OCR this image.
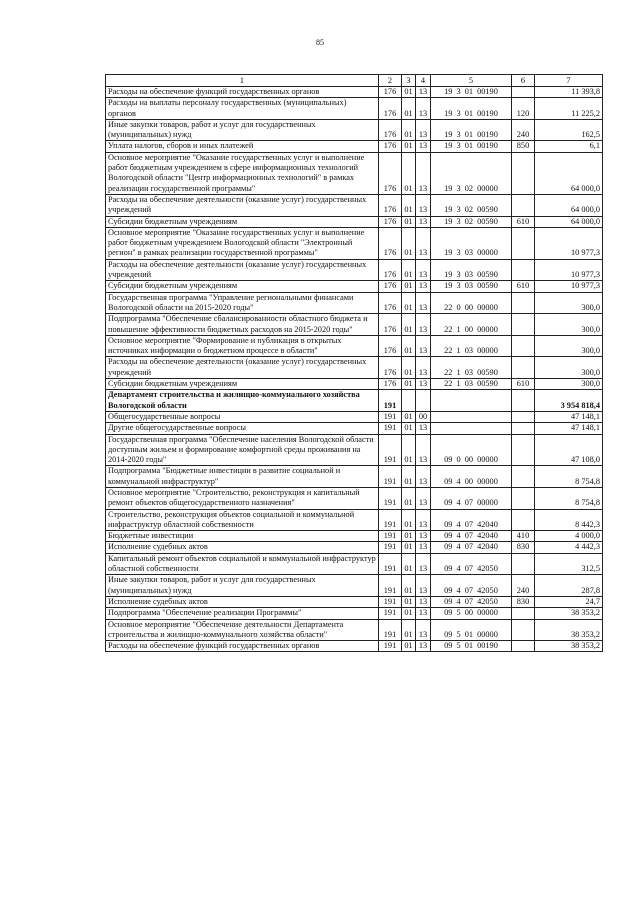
85
1	2	3	4	5	6	7
Расходы на обеспечение функций государственных органов	176	01	13	19 3 01 00190		11 393,8
Расходы на выплаты персоналу государственных (муниципальных) органов	176	01	13	19 3 01 00190	120	11 225,2
Иные закупки товаров, работ и услуг для государственных (муниципальных) нужд	176	01	13	19 3 01 00190	240	162,5
Уплата налогов, сборов и иных платежей	176	01	13	19 3 01 00190	850	6,1
Основное мероприятие "Оказание государственных услуг и выполнение работ бюджетным учреждением в сфере информационных технологий Вологодской области "Центр информационных технологий" в рамках реализации государственной программы"	176	01	13	19 3 02 00000		64 000,0
Расходы на обеспечение деятельности (оказание услуг) государственных учреждений	176	01	13	19 3 02 00590		64 000,0
Субсидии бюджетным учреждениям	176	01	13	19 3 02 00590	610	64 000,0
Основное мероприятие "Оказание государственных услуг и выполнение работ бюджетным учреждением Вологодской области "Электронный регион" в рамках реализации государственной программы"	176	01	13	19 3 03 00000		10 977,3
Расходы на обеспечение деятельности (оказание услуг) государственных учреждений	176	01	13	19 3 03 00590		10 977,3
Субсидии бюджетным учреждениям	176	01	13	19 3 03 00590	610	10 977,3
Государственная программа "Управление региональными финансами Вологодской области на 2015-2020 годы"	176	01	13	22 0 00 00000		300,0
Подпрограмма "Обеспечение сбалансированности областного бюджета и повышение эффективности бюджетных расходов на 2015-2020 годы"	176	01	13	22 1 00 00000		300,0
Основное мероприятие "Формирование и публикация в открытых источниках информации о бюджетном процессе в области"	176	01	13	22 1 03 00000		300,0
Расходы на обеспечение деятельности (оказание услуг) государственных учреждений	176	01	13	22 1 03 00590		300,0
Субсидии бюджетным учреждениям	176	01	13	22 1 03 00590	610	300,0
Департамент строительства и жилищно-коммунального хозяйства Вологодской области	191					3 954 818,4
Общегосударственные вопросы	191	01	00			47 148,1
Другие общегосударственные вопросы	191	01	13			47 148,1
Государственная программа "Обеспечение населения Вологодской области доступным жильем и формирование комфортной среды проживания на 2014-2020 годы"	191	01	13	09 0 00 00000		47 108,0
Подпрограмма "Бюджетные инвестиции в развитие социальной и коммунальной инфраструктур"	191	01	13	09 4 00 00000		8 754,8
Основное мероприятие "Строительство, реконструкция и капитальный ремонт объектов общегосударственного назначения"	191	01	13	09 4 07 00000		8 754,8
Строительство, реконструкция объектов социальной и коммунальной инфраструктур областной собственности	191	01	13	09 4 07 42040		8 442,3
Бюджетные инвестиции	191	01	13	09 4 07 42040	410	4 000,0
Исполнение судебных актов	191	01	13	09 4 07 42040	830	4 442,3
Капитальный ремонт объектов социальной и коммунальной инфраструктур областной собственности	191	01	13	09 4 07 42050		312,5
Иные закупки товаров, работ и услуг для государственных (муниципальных) нужд	191	01	13	09 4 07 42050	240	287,8
Исполнение судебных актов	191	01	13	09 4 07 42050	830	24,7
Подпрограмма "Обеспечение реализации Программы"	191	01	13	09 5 00 00000		38 353,2
Основное мероприятие "Обеспечение деятельности Департамента строительства и жилищно-коммунального хозяйства области"	191	01	13	09 5 01 00000		38 353,2
Расходы на обеспечение функций государственных органов	191	01	13	09 5 01 00190		38 353,2
